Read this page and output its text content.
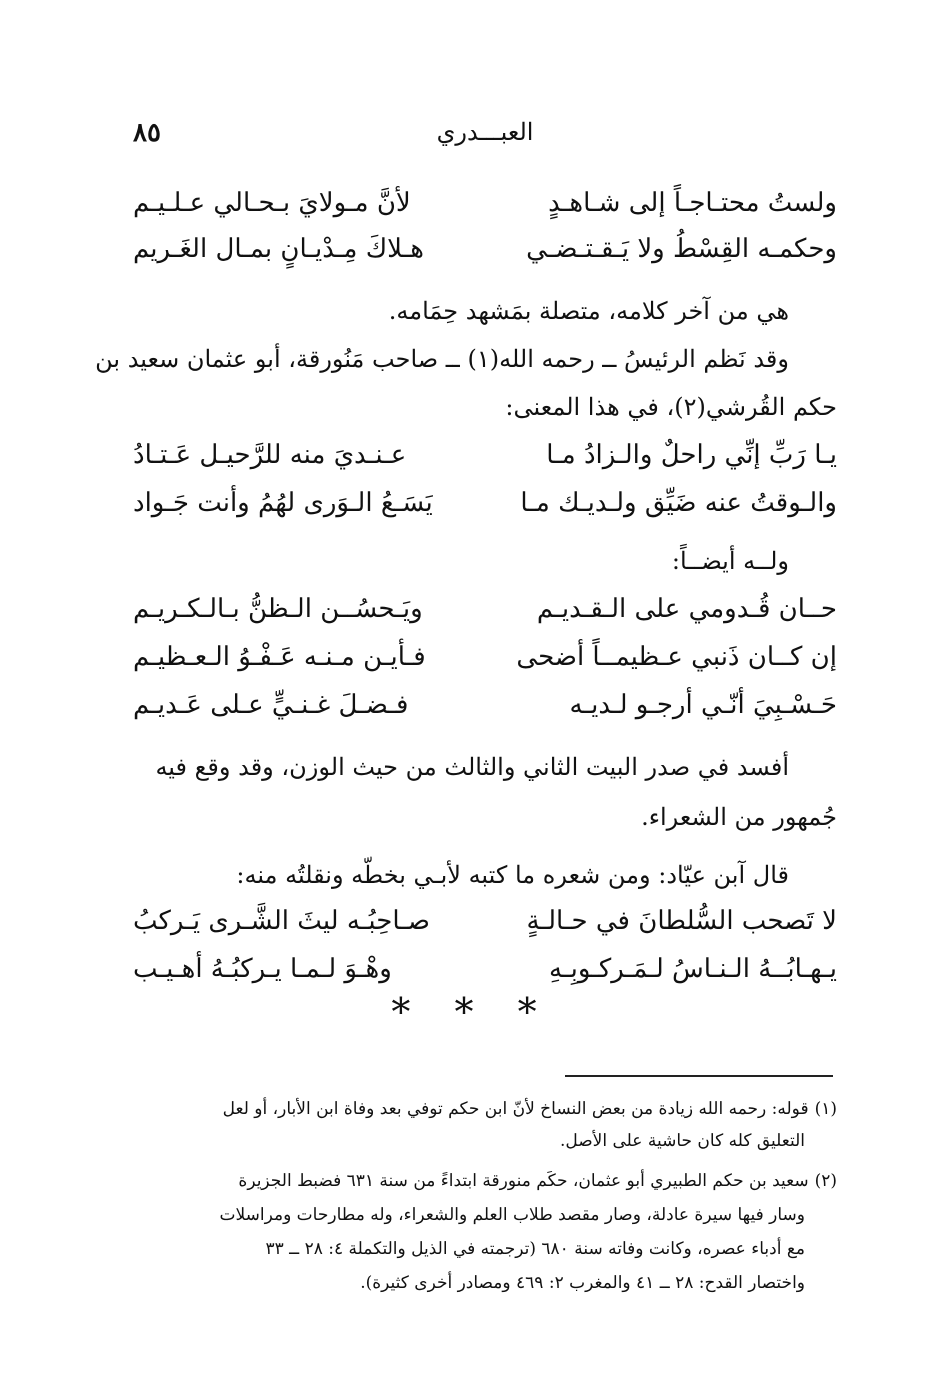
٨٥	العبـــدري
ولستُ محتـاجـاً إلى شـاهـدٍ
لأنَّ مـولايَ بـحـالي عـلـيـم
وحكمـه القِسْطُ ولا يَـقـتـضـي
هـلاكَ مِـدْيـانٍ بمـال الغَـريم
هي من آخر كلامه، متصلة بمَشهد حِمَامه.
وقد نَظم الرئيسُ ــ رحمه الله(١) ــ صاحب مَنُورقة، أبو عثمان سعيد بن
حكم القُرشي(٢)، في هذا المعنى:
يـا رَبِّ إنِّي راحلٌ والـزادُ مـا
عـنـديَ منه للرَّحيـل عَـتـادُ
والـوقتُ عنه ضَيِّق ولـديـك مـا
يَسَـعُ الـوَرى لهُمُ وأنت جَـواد
ولــه أيضــاً:
حــان قُـدومي على الـقـديـم
ويَـحسُــن الـظنُّ بـالـكـريـم
إن كــان ذَنبي عـظيمــاً أضحى
فـأيـن مـنـه عَـفْـوُ الـعـظيـم
حَـسْـبِيَ أنّـي أرجـو لـديـه
فـضـلَ غـنـيٍّ عـلى عَـديـم
أفسد في صدر البيت الثاني والثالث من حيث الوزن، وقد وقع فيه
جُمهور من الشعراء.
قال آبن عيّاد: ومن شعره ما كتبه لأبـي بخطّه ونقلتُه منه:
لا تَصحب السُّلطانَ في حـالـةٍ
صـاحِبُـه ليثَ الشَّـرى يَـركبُ
يـهـابُــهُ الـنـاسُ لـمَـركـوبِـهِ
وهْـوَ لـمـا يـركبُـهُ أهـيـب
* * *
(١)قوله: رحمه الله زيادة من بعض النساخ لأنّ ابن حكم توفي بعد وفاة ابن الأبار، أو لعل
التعليق كله كان حاشية على الأصل.
(٢)سعيد بن حكم الطبيري أبو عثمان، حكَم منورقة ابتداءً من سنة ٦٣١ فضبط الجزيرة
وسار فيها سيرة عادلة، وصار مقصد طلاب العلم والشعراء، وله مطارحات ومراسلات
مع أدباء عصره، وكانت وفاته سنة ٦٨٠ (ترجمته في الذيل والتكملة ٤: ٢٨ ــ ٣٣
واختصار القدح: ٢٨ ــ ٤١ والمغرب ٢: ٤٦٩ ومصادر أخرى كثيرة).
